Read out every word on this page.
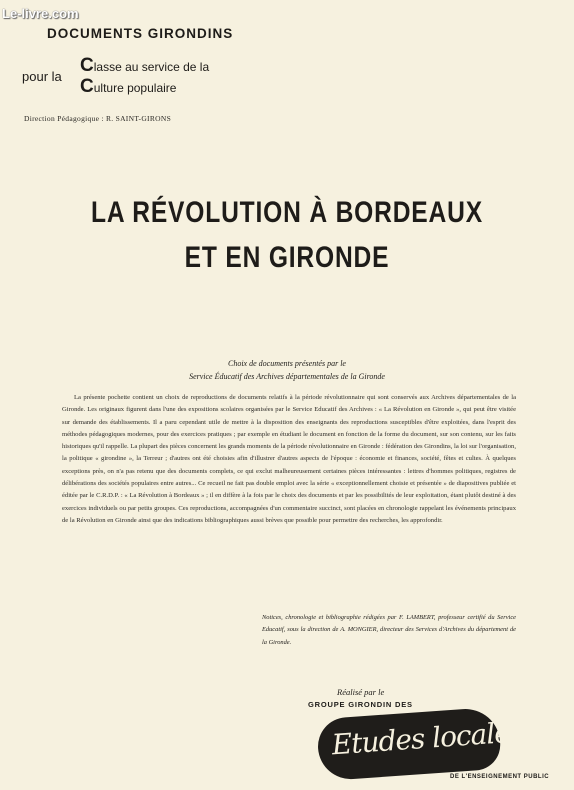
Le-livre.com
DOCUMENTS GIRONDINS
pour la
Classe au service de la
Culture populaire
Direction Pédagogique : R. SAINT-GIRONS
LA RÉVOLUTION À BORDEAUX
ET EN GIRONDE
Choix de documents présentés par le
Service Éducatif des Archives départementales de la Gironde
La présente pochette contient un choix de reproductions de documents relatifs à la période révolutionnaire qui sont conservés aux Archives départementales de la Gironde. Les originaux figurent dans l'une des expositions scolaires organisées par le Service Educatif des Archives : « La Révolution en Gironde », qui peut être visitée sur demande des établissements. Il a paru cependant utile de mettre à la disposition des enseignants des reproductions susceptibles d'être exploitées, dans l'esprit des méthodes pédagogiques modernes, pour des exercices pratiques ; par exemple en étudiant le document en fonction de la forme du document, sur son contenu, sur les faits historiques qu'il rappelle. La plupart des pièces concernent les grands moments de la période révolutionnaire en Gironde : fédération des Girondins, la loi sur l'organisation, la politique « girondine », la Terreur ; d'autres ont été choisies afin d'illustrer d'autres aspects de l'époque : économie et finances, société, fêtes et cultes. À quelques exceptions près, on n'a pas retenu que des documents complets, ce qui exclut malheureusement certaines pièces intéressantes : lettres d'hommes politiques, registres de délibérations des sociétés populaires entre autres... Ce recueil ne fait pas double emploi avec la série « exceptionnellement choisie et présentée » de diapositives publiée et éditée par le C.R.D.P. : « La Révolution à Bordeaux » ; il en diffère à la fois par le choix des documents et par les possibilités de leur exploitation, étant plutôt destiné à des exercices individuels ou par petits groupes. Ces reproductions, accompagnées d'un commentaire succinct, sont placées en chronologie rappelant les événements principaux de la Révolution en Gironde ainsi que des indications bibliographiques aussi brèves que possible pour permettre des recherches, les approfondir.
Notices, chronologie et bibliographie rédigées par F. LAMBERT, professeur certifié du Service Educatif, sous la direction de A. MONGIER, directeur des Services d'Archives du département de la Gironde.
Réalisé par le
GROUPE GIRONDIN DES
Etudes locales
DE L'ENSEIGNEMENT PUBLIC
